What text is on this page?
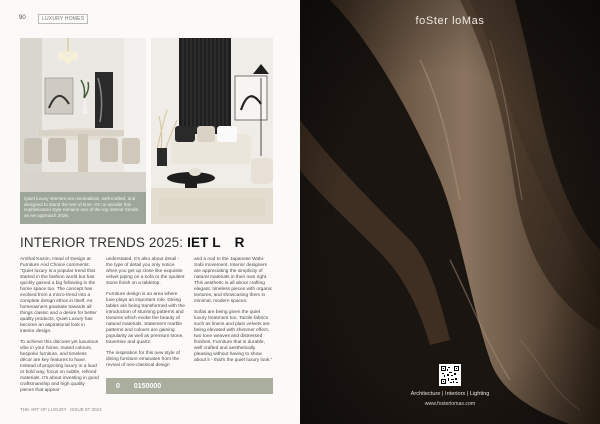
90	LUXURY HOMES
Quiet luxury interiors are minimalistic, well-crafted, and designed to stand the test of time. It's no wonder this sophisticated style remains one of the top interior trends as we approach 2025.
INTERIOR TRENDS 2025: IET L R

Amthal Kazim, Head of Design at Furniture And Choice comments: "Quiet luxury is a popular trend that started in the fashion world but has quickly gained a big following in the home space too. The concept has evolved from a micro-trend into a complete design ethos in itself. As homeowners gravitate towards all things classic and a desire for better quality products, Quiet Luxury has become an aspirational look in interior design.

To achieve this discreet yet luxurious vibe in your home, muted colours, bespoke furniture, and timeless décor are key features to have. Instead of projecting luxury in a loud or bold way, focus on subtle, refined materials. It's about investing in good craftsmanship and high quality pieces that appear

understated. It's also about detail - the type of detail you only notice when you get up close like exquisite velvet piping on a sofa or the opulent stone finish on a tabletop.

Furniture design is an area where luxe plays an important role. Dining tables are being transformed with the introduction of stunning patterns and textures which evoke the beauty of natural materials. Statement marble patterns and colours are gaining popularity as well as premium stone, travertine and quartz.

The inspiration for this new style of dining furniture emanates from the revival of neo-classical design

and a nod to the Japanese Wabi-Sabi movement. Interior designers are appreciating the simplicity of natural materials in their own right. This aesthetic is all about crafting elegant, timeless pieces with organic textures, and showcasing them in minimal, modern spaces.

Sofas are being given the quiet luxury treatment too. Tactile fabrics such as linens and plain velvets are being elevated with shimmer effect, two tone weaves and distressed finishes. Furniture that is durable, well crafted and aesthetically pleasing without having to show about it - that's the quiet luxury look."

0 0150000
THE ART OF LUXURY ISSUE 87 2024
foSter loMas
Architecture | Interiors | Lighting
www.fosterlomas.com
